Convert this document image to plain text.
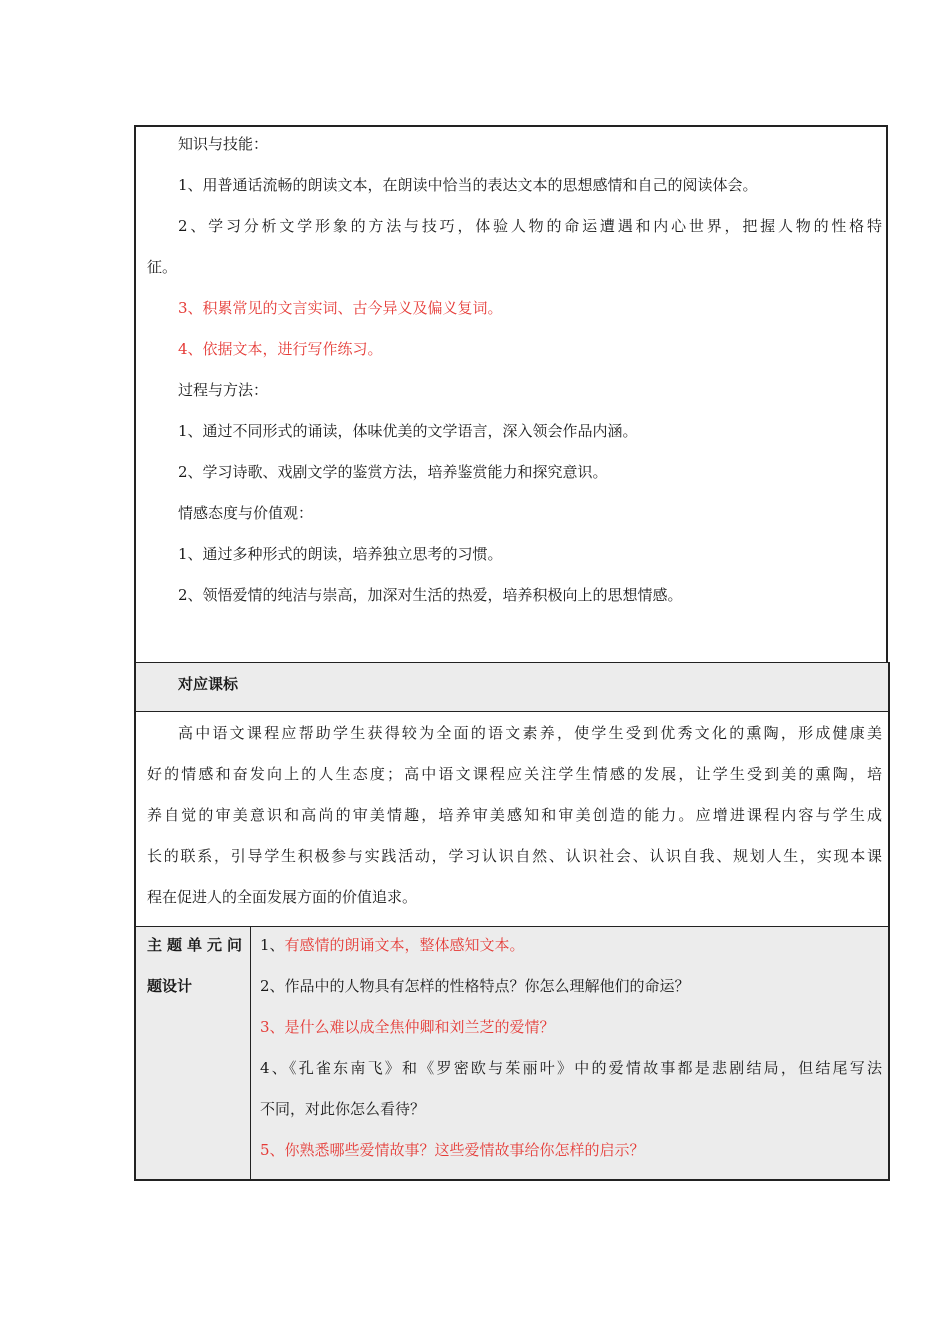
知识与技能：
1、用普通话流畅的朗读文本，在朗读中恰当的表达文本的思想感情和自己的阅读体会。
2、学习分析文学形象的方法与技巧，体验人物的命运遭遇和内心世界，把握人物的性格特
征。
3、积累常见的文言实词、古今异义及偏义复词。
4、依据文本，进行写作练习。
过程与方法：
1、通过不同形式的诵读，体味优美的文学语言，深入领会作品内涵。
2、学习诗歌、戏剧文学的鉴赏方法，培养鉴赏能力和探究意识。
情感态度与价值观：
1、通过多种形式的朗读，培养独立思考的习惯。
2、领悟爱情的纯洁与崇高，加深对生活的热爱，培养积极向上的思想情感。
对应课标
高中语文课程应帮助学生获得较为全面的语文素养，使学生受到优秀文化的熏陶，形成健康美
好的情感和奋发向上的人生态度；高中语文课程应关注学生情感的发展，让学生受到美的熏陶，培
养自觉的审美意识和高尚的审美情趣，培养审美感知和审美创造的能力。应增进课程内容与学生成
长的联系，引导学生积极参与实践活动，学习认识自然、认识社会、认识自我、规划人生，实现本课
程在促进人的全面发展方面的价值追求。
主题单元问
题设计
1、有感情的朗诵文本，整体感知文本。
2、作品中的人物具有怎样的性格特点？你怎么理解他们的命运？
3、是什么难以成全焦仲卿和刘兰芝的爱情？
4、《孔雀东南飞》和《罗密欧与茱丽叶》中的爱情故事都是悲剧结局，但结尾写法
不同，对此你怎么看待？
5、你熟悉哪些爱情故事？这些爱情故事给你怎样的启示？
